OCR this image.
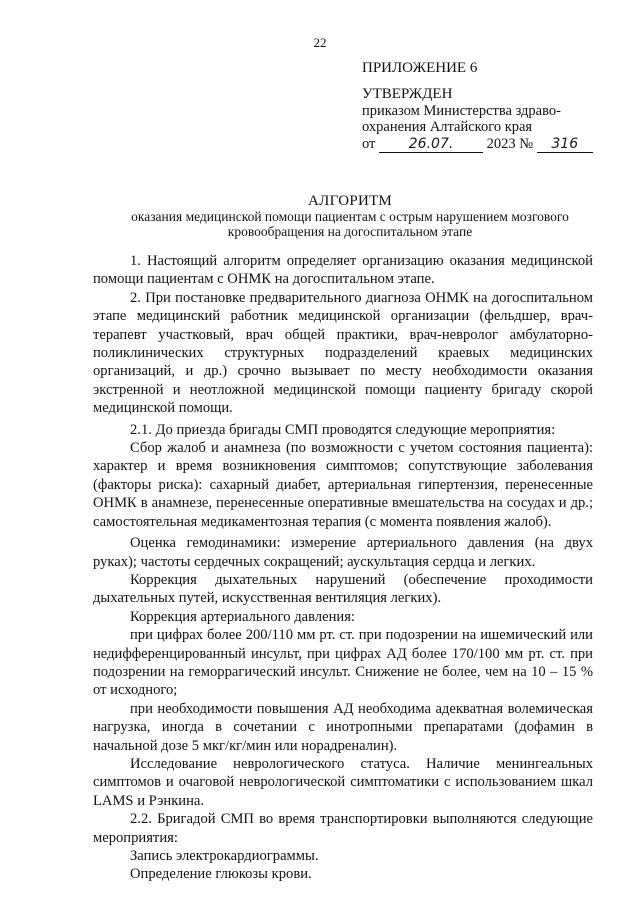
22
ПРИЛОЖЕНИЕ 6
УТВЕРЖДЕН
приказом Министерства здраво-
охранения Алтайского края
от 26.07. 2023 № 316
АЛГОРИТМ
оказания медицинской помощи пациентам с острым нарушением мозгового
кровообращения на догоспитальном этапе

1. Настоящий алгоритм определяет организацию оказания медицинской помощи пациентам с ОНМК на догоспитальном этапе.

2. При постановке предварительного диагноза ОНМК на догоспитальном этапе медицинский работник медицинской организации (фельдшер, врач-терапевт участковый, врач общей практики, врач-невролог амбулаторно-поликлинических структурных подразделений краевых медицинских организаций, и др.) срочно вызывает по месту необходимости оказания экстренной и неотложной медицинской помощи пациенту бригаду скорой медицинской помощи.

2.1. До приезда бригады СМП проводятся следующие мероприятия:

Сбор жалоб и анамнеза (по возможности с учетом состояния пациента): характер и время возникновения симптомов; сопутствующие заболевания (факторы риска): сахарный диабет, артериальная гипертензия, перенесенные ОНМК в анамнезе, перенесенные оперативные вмешательства на сосудах и др.; самостоятельная медикаментозная терапия (с момента появления жалоб).

Оценка гемодинамики: измерение артериального давления (на двух руках); частоты сердечных сокращений; аускультация сердца и легких.

Коррекция дыхательных нарушений (обеспечение проходимости дыхательных путей, искусственная вентиляция легких).

Коррекция артериального давления:

при цифрах более 200/110 мм рт. ст. при подозрении на ишемический или недифференцированный инсульт, при цифрах АД более 170/100 мм рт. ст. при подозрении на геморрагический инсульт. Снижение не более, чем на 10 – 15 % от исходного;

при необходимости повышения АД необходима адекватная волемическая нагрузка, иногда в сочетании с инотропными препаратами (дофамин в начальной дозе 5 мкг/кг/мин или норадреналин).

Исследование неврологического статуса. Наличие менингеальных симптомов и очаговой неврологической симптоматики с использованием шкал LAMS и Рэнкина.

2.2. Бригадой СМП во время транспортировки выполняются следующие мероприятия:

Запись электрокардиограммы.

Определение глюкозы крови.
